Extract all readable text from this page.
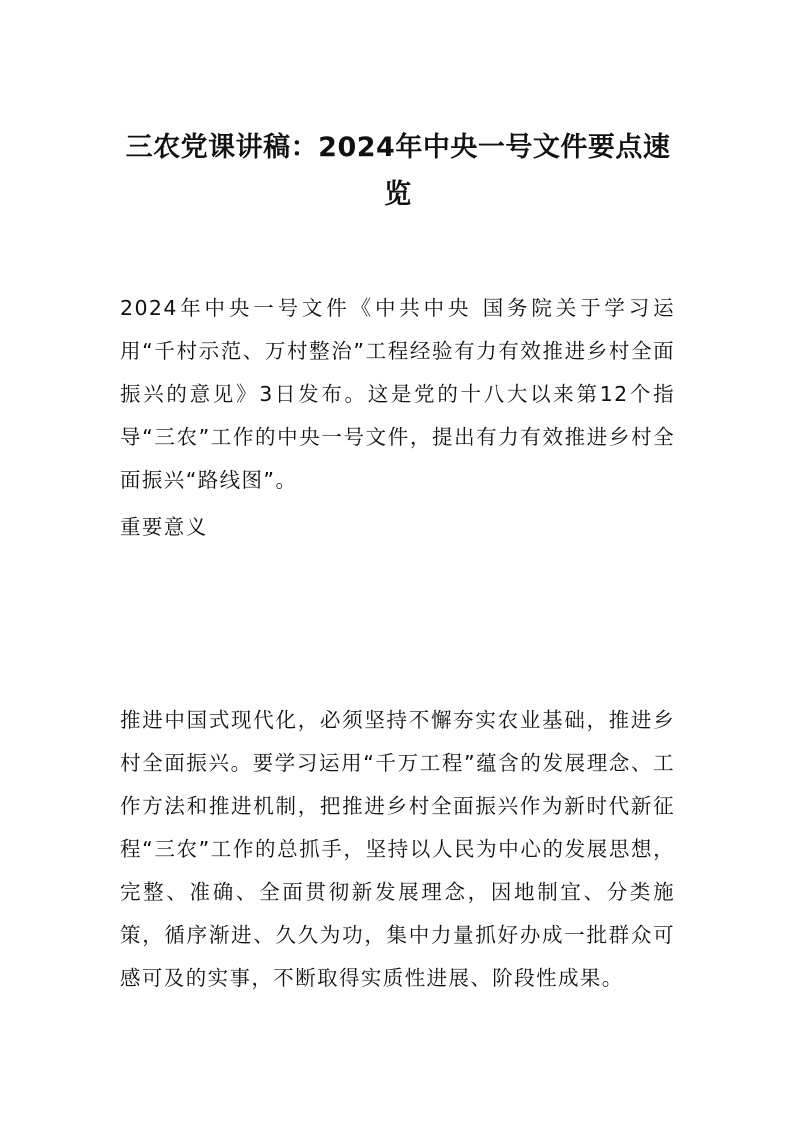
三农党课讲稿：2024年中央一号文件要点速览

2024年中央一号文件《中共中央 国务院关于学习运用“千村示范、万村整治”工程经验有力有效推进乡村全面振兴的意见》3日发布。这是党的十八大以来第12个指导“三农”工作的中央一号文件，提出有力有效推进乡村全面振兴“路线图”。

重要意义

推进中国式现代化，必须坚持不懈夯实农业基础，推进乡村全面振兴。要学习运用“千万工程”蕴含的发展理念、工作方法和推进机制，把推进乡村全面振兴作为新时代新征程“三农”工作的总抓手，坚持以人民为中心的发展思想，完整、准确、全面贯彻新发展理念，因地制宜、分类施策，循序渐进、久久为功，集中力量抓好办成一批群众可感可及的实事，不断取得实质性进展、阶段性成果。
